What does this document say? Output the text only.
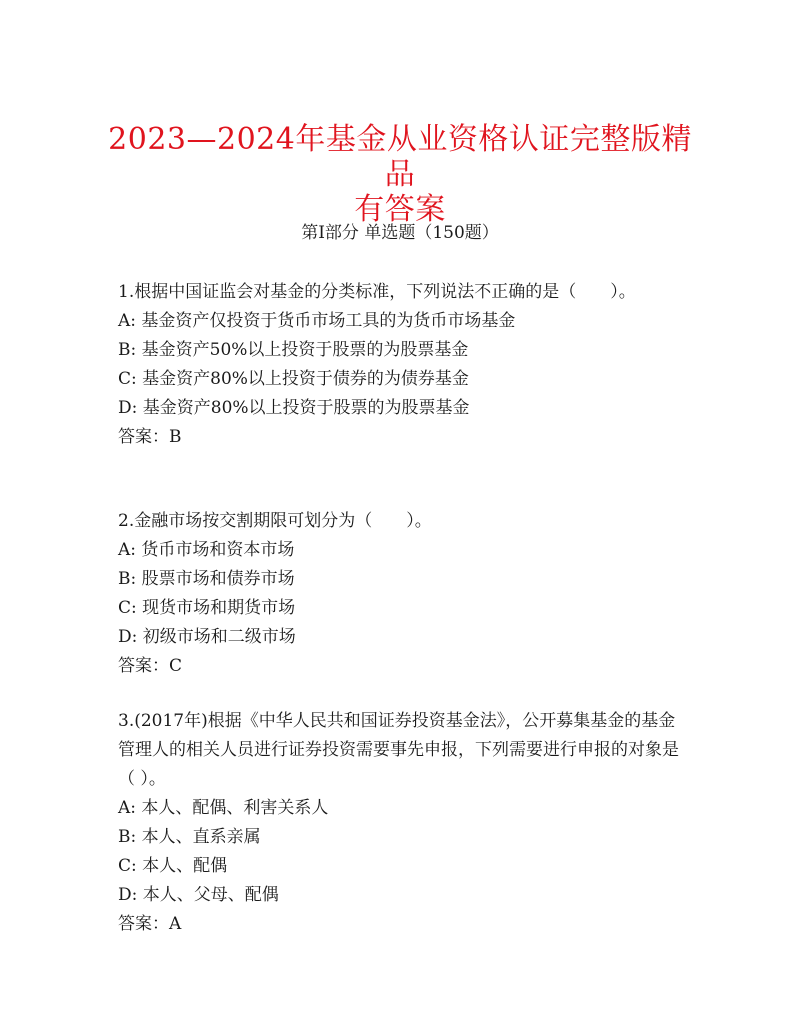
2023—2024年基金从业资格认证完整版精品
有答案
第I部分 单选题（150题）
1.根据中国证监会对基金的分类标准，下列说法不正确的是（　　）。
A: 基金资产仅投资于货币市场工具的为货币市场基金
B: 基金资产50%以上投资于股票的为股票基金
C: 基金资产80%以上投资于债券的为债券基金
D: 基金资产80%以上投资于股票的为股票基金
答案：B
2.金融市场按交割期限可划分为（　　）。
A: 货币市场和资本市场
B: 股票市场和债券市场
C: 现货市场和期货市场
D: 初级市场和二级市场
答案：C
3.(2017年)根据《中华人民共和国证券投资基金法》，公开募集基金的基金管理人的相关人员进行证券投资需要事先申报，下列需要进行申报的对象是（ ）。
A: 本人、配偶、利害关系人
B: 本人、直系亲属
C: 本人、配偶
D: 本人、父母、配偶
答案：A
